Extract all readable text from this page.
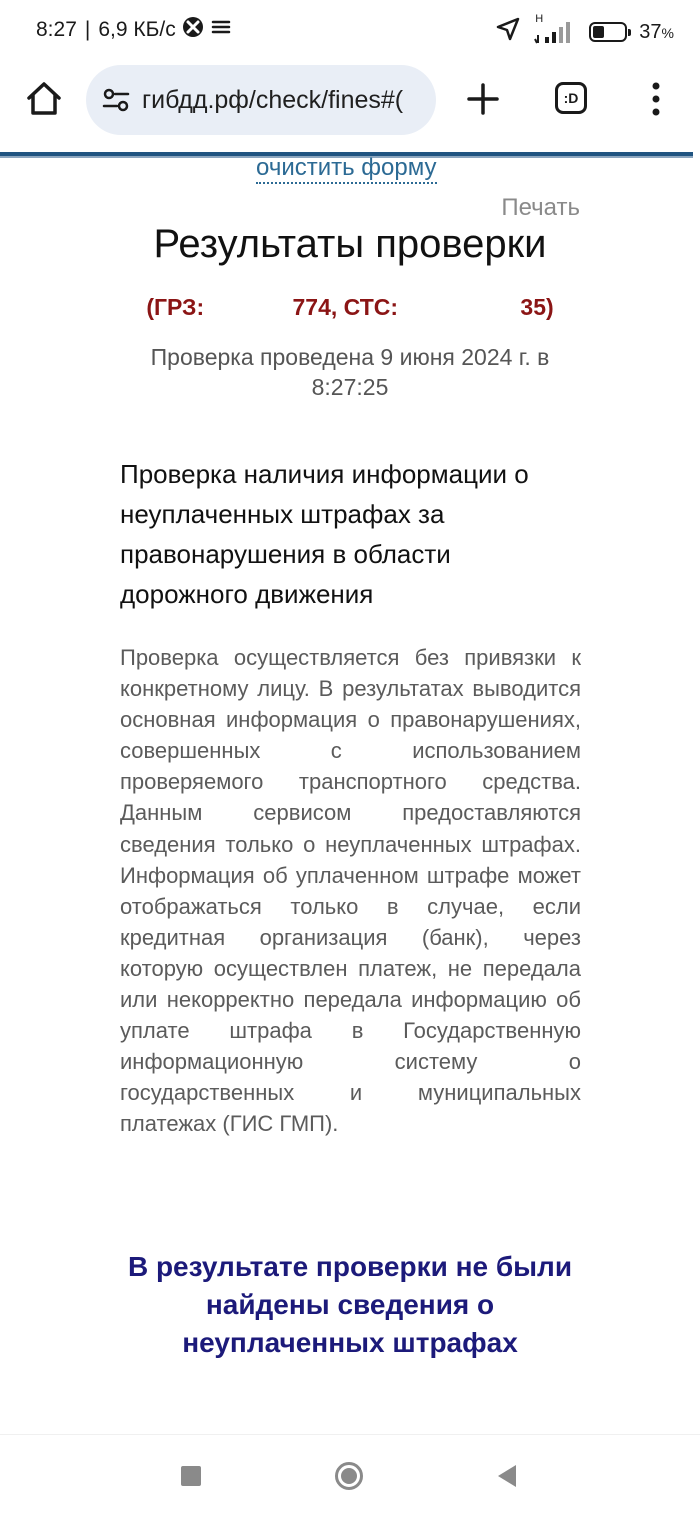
8:27 | 6,9 КБ/с	H
37%
гибдд.рф/check/fines#(	:D
очистить форму
Печать
Результаты проверки
(ГРЗ:	774, СТС:	35)
Проверка проведена 9 июня 2024 г. в 8:27:25
Проверка наличия информации о неуплаченных штрафах за правонарушения в области дорожного движения

Проверка осуществляется без привязки к конкретному лицу. В результатах выводится основная информация о правонарушениях, совершенных с использованием проверяемого транспортного средства. Данным сервисом предоставляются сведения только о неуплаченных штрафах. Информация об уплаченном штрафе может отображаться только в случае, если кредитная организация (банк), через которую осуществлен платеж, не передала или некорректно передала информацию об уплате штрафа в Государственную информационную систему о государственных и муниципальных платежах (ГИС ГМП).

В результате проверки не были найдены сведения о неуплаченных штрафах
